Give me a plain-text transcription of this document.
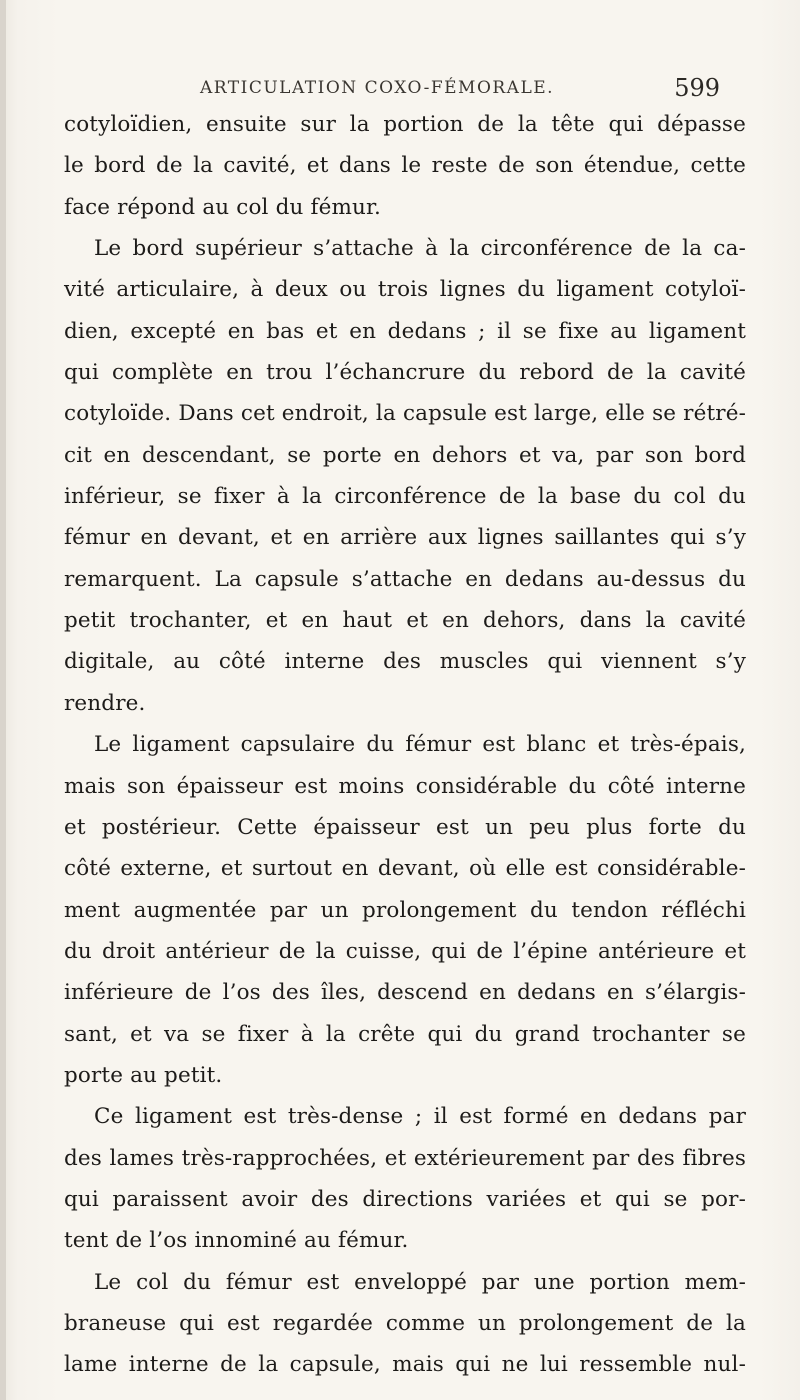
ARTICULATION COXO-FÉMORALE.	599
cotyloïdien, ensuite sur la portion de la tête qui dépasse
le bord de la cavité, et dans le reste de son étendue, cette
face répond au col du fémur.
Le bord supérieur s’attache à la circonférence de la ca-
vité articulaire, à deux ou trois lignes du ligament cotyloï-
dien, excepté en bas et en dedans ; il se fixe au ligament
qui complète en trou l’échancrure du rebord de la cavité
cotyloïde. Dans cet endroit, la capsule est large, elle se rétré-
cit en descendant, se porte en dehors et va, par son bord
inférieur, se fixer à la circonférence de la base du col du
fémur en devant, et en arrière aux lignes saillantes qui s’y
remarquent. La capsule s’attache en dedans au-dessus du
petit trochanter, et en haut et en dehors, dans la cavité
digitale, au côté interne des muscles qui viennent s’y
rendre.
Le ligament capsulaire du fémur est blanc et très-épais,
mais son épaisseur est moins considérable du côté interne
et postérieur. Cette épaisseur est un peu plus forte du
côté externe, et surtout en devant, où elle est considérable-
ment augmentée par un prolongement du tendon réfléchi
du droit antérieur de la cuisse, qui de l’épine antérieure et
inférieure de l’os des îles, descend en dedans en s’élargis-
sant, et va se fixer à la crête qui du grand trochanter se
porte au petit.
Ce ligament est très-dense ; il est formé en dedans par
des lames très-rapprochées, et extérieurement par des fibres
qui paraissent avoir des directions variées et qui se por-
tent de l’os innominé au fémur.
Le col du fémur est enveloppé par une portion mem-
braneuse qui est regardée comme un prolongement de la
lame interne de la capsule, mais qui ne lui ressemble nul-
